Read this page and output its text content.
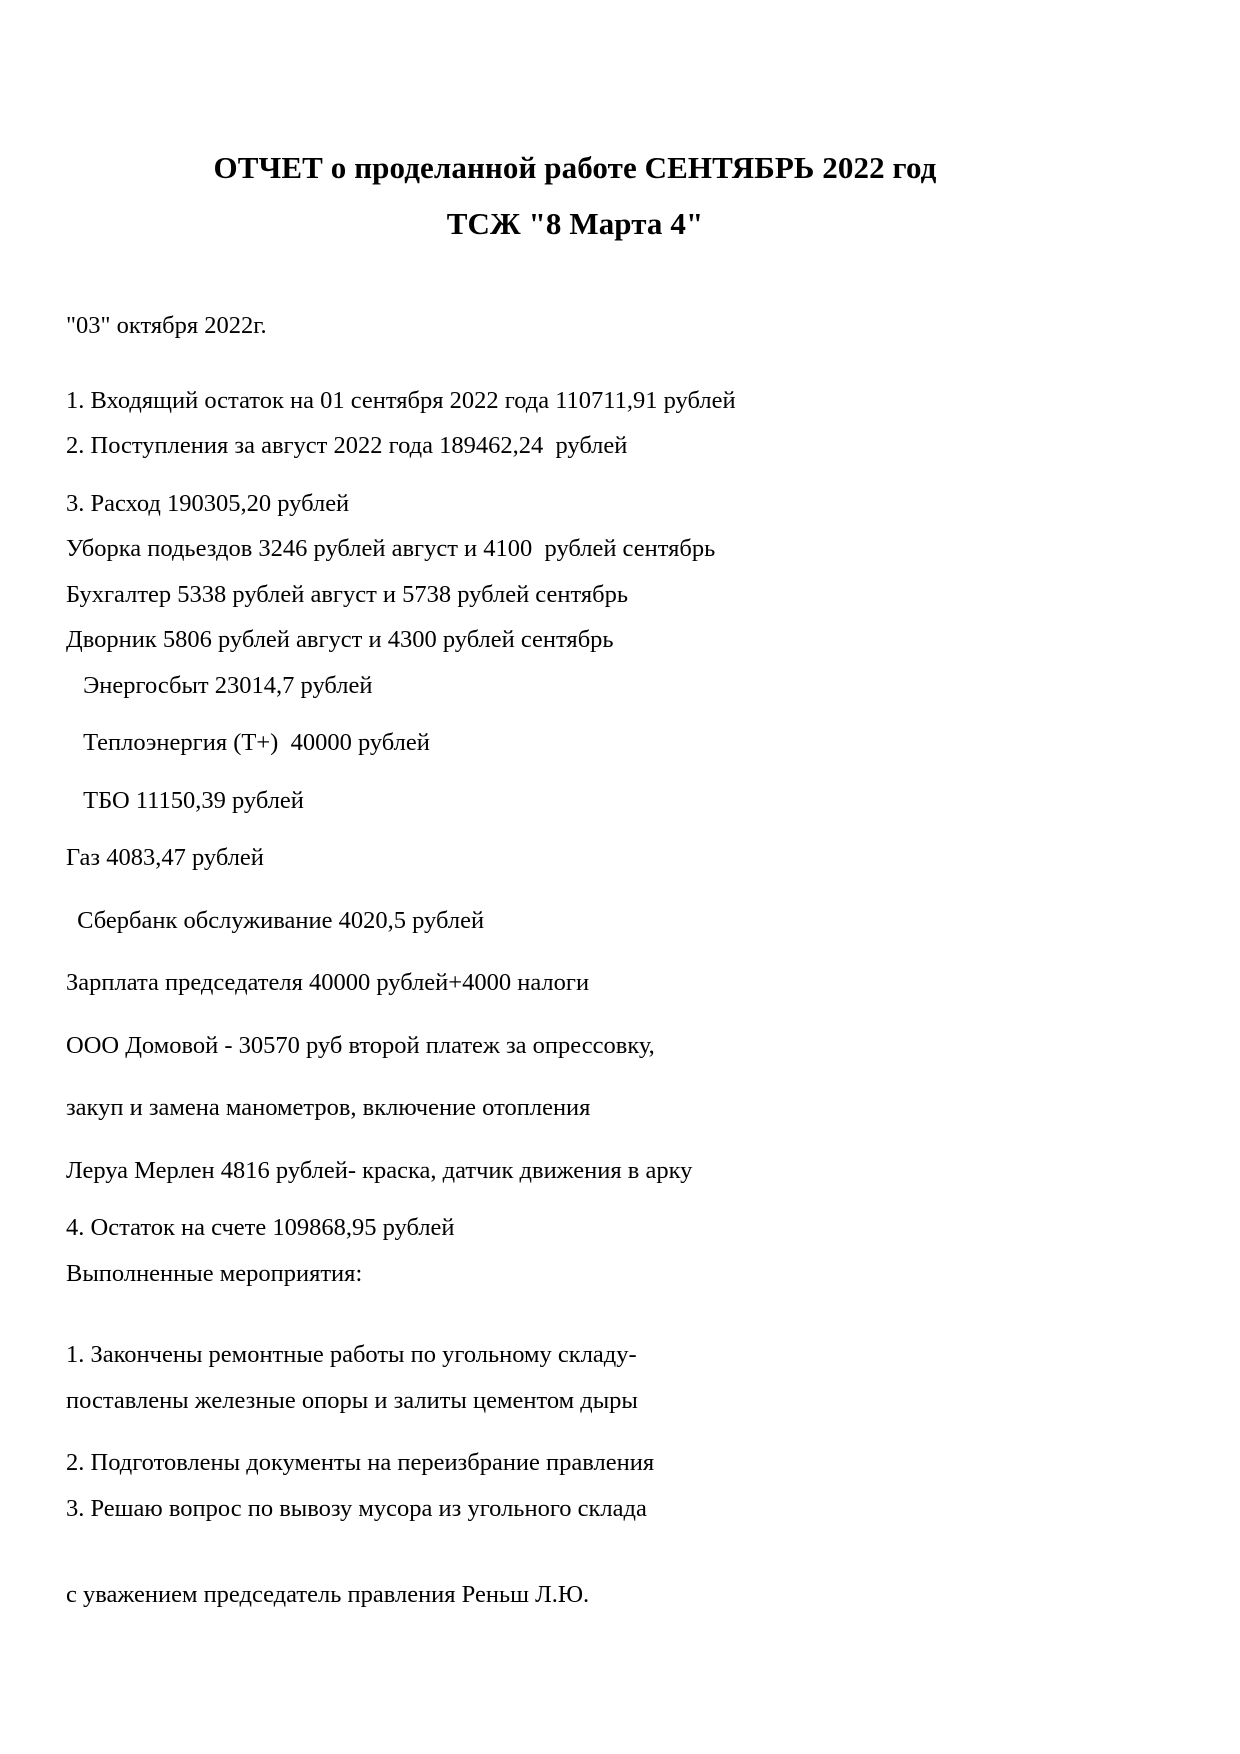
ОТЧЕТ о проделанной работе СЕНТЯБРЬ 2022 год
ТСЖ "8 Марта 4"

"03" октября 2022г.

1. Входящий остаток на 01 сентября 2022 года 110711,91 рублей

2. Поступления за август 2022 года 189462,24  рублей

3. Расход 190305,20 рублей

Уборка подьездов 3246 рублей август и 4100  рублей сентябрь

Бухгалтер 5338 рублей август и 5738 рублей сентябрь

Дворник 5806 рублей август и 4300 рублей сентябрь

Энергосбыт 23014,7 рублей

Теплоэнергия (Т+)  40000 рублей

ТБО 11150,39 рублей

Газ 4083,47 рублей

Сбербанк обслуживание 4020,5 рублей

Зарплата председателя 40000 рублей+4000 налоги

ООО Домовой - 30570 руб второй платеж за опрессовку,

закуп и замена манометров, включение отопления

Леруа Мерлен 4816 рублей- краска, датчик движения в арку

4. Остаток на счете 109868,95 рублей

Выполненные мероприятия:

1. Закончены ремонтные работы по угольному складу-

поставлены железные опоры и залиты цементом дыры

2. Подготовлены документы на переизбрание правления

3. Решаю вопрос по вывозу мусора из угольного склада

с уважением председатель правления Реньш Л.Ю.
